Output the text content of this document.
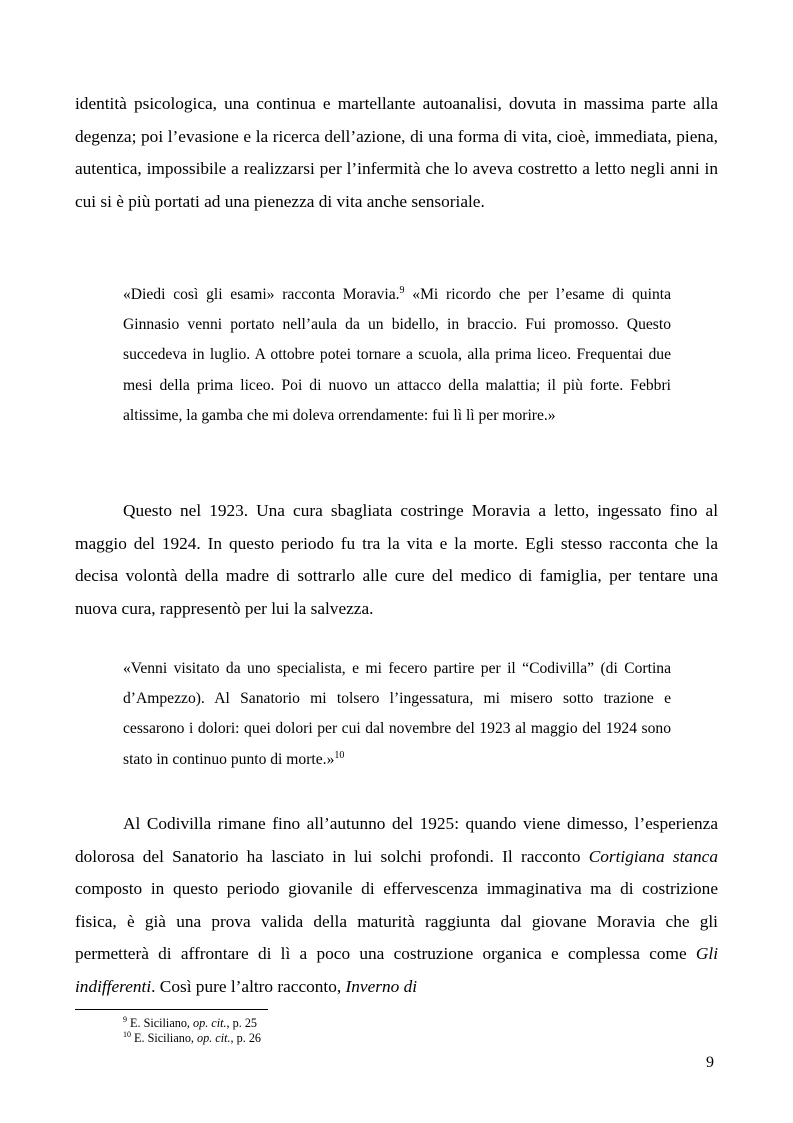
identità psicologica, una continua e martellante autoanalisi, dovuta in massima parte alla degenza; poi l’evasione e la ricerca dell’azione, di una forma di vita, cioè, immediata, piena, autentica, impossibile a realizzarsi per l’infermità che lo aveva costretto a letto negli anni in cui si è più portati ad una pienezza di vita anche sensoriale.

«Diedi così gli esami» racconta Moravia.$^9$ «Mi ricordo che per l’esame di quinta Ginnasio venni portato nell’aula da un bidello, in braccio. Fui promosso. Questo succedeva in luglio. A ottobre potei tornare a scuola, alla prima liceo. Frequentai due mesi della prima liceo. Poi di nuovo un attacco della malattia; il più forte. Febbri altissime, la gamba che mi doleva orrendamente: fui lì lì per morire.»

Questo nel 1923. Una cura sbagliata costringe Moravia a letto, ingessato fino al maggio del 1924. In questo periodo fu tra la vita e la morte. Egli stesso racconta che la decisa volontà della madre di sottrarlo alle cure del medico di famiglia, per tentare una nuova cura, rappresentò per lui la salvezza.

«Venni visitato da uno specialista, e mi fecero partire per il “Codivilla” (di Cortina d’Ampezzo). Al Sanatorio mi tolsero l’ingessatura, mi misero sotto trazione e cessarono i dolori: quei dolori per cui dal novembre del 1923 al maggio del 1924 sono stato in continuo punto di morte.»$^{10}$

Al Codivilla rimane fino all’autunno del 1925: quando viene dimesso, l’esperienza dolorosa del Sanatorio ha lasciato in lui solchi profondi. Il racconto Cortigiana stanca composto in questo periodo giovanile di effervescenza immaginativa ma di costrizione fisica, è già una prova valida della maturità raggiunta dal giovane Moravia che gli permetterà di affrontare di lì a poco una costruzione organica e complessa come Gli indifferenti. Così pure l’altro racconto, Inverno di

$^9$ E. Siciliano, op. cit., p. 25
$^{10}$ E. Siciliano, op. cit., p. 26
9
